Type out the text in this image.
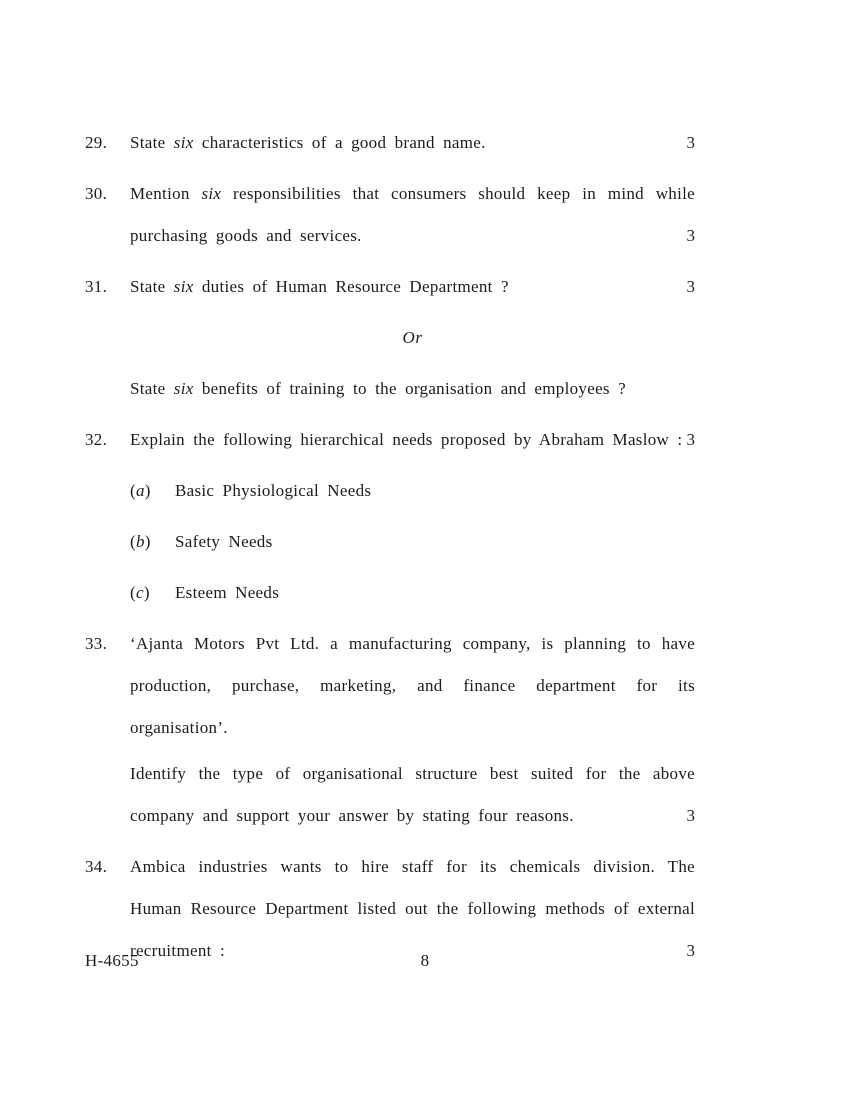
29.	State six characteristics of a good brand name.	3
30.	Mention six responsibilities that consumers should keep in mind while purchasing goods and services.	3
31.	State six duties of Human Resource Department ?	3
Or

State six benefits of training to the organisation and employees ?

32.	Explain the following hierarchical needs proposed by Abraham Maslow : 3
(a)	Basic Physiological Needs
(b)	Safety Needs
(c)	Esteem Needs
33.	‘Ajanta Motors Pvt Ltd. a manufacturing company, is planning to have production, purchase, marketing, and finance department for its organisation’.

Identify the type of organisational structure best suited for the above company and support your answer by stating four reasons.	3
34.	Ambica industries wants to hire staff for its chemicals division. The Human Resource Department listed out the following methods of external recruitment :	3
H-4655	8
